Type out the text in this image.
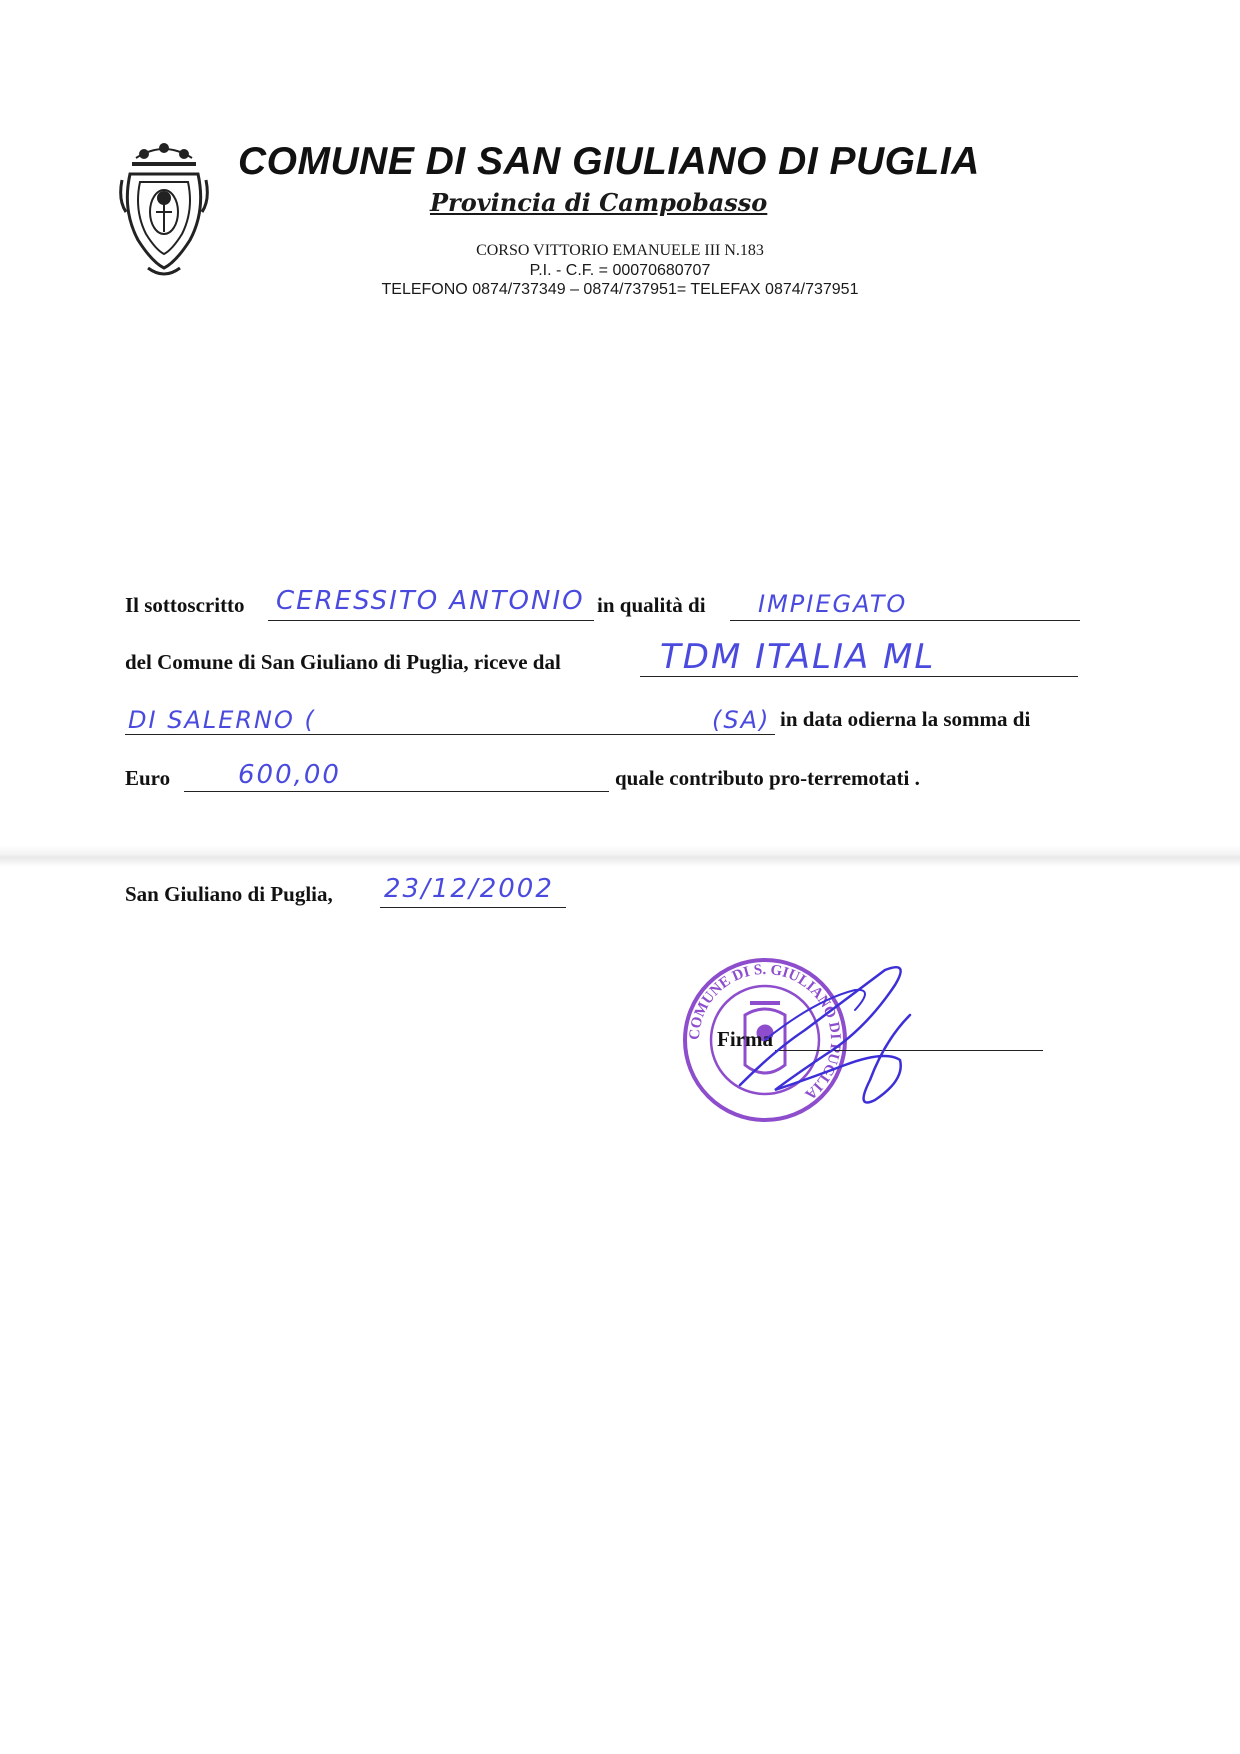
COMUNE DI SAN GIULIANO DI PUGLIA
Provincia di Campobasso
CORSO VITTORIO EMANUELE III N.183
P.I. - C.F. = 00070680707
TELEFONO 0874/737349 – 0874/737951= TELEFAX 0874/737951
Il sottoscritto CERESSITO ANTONIO in qualità di IMPIEGATO
del Comune di San Giuliano di Puglia, riceve dal	TDM ITALIA ML
DI SALERNO (	(SA) in data odierna la somma di
Euro	600,00	quale contributo pro-terremotati .
San Giuliano di Puglia, 23/12/2002
COMUNE DI S. GIULIANO DI PUGLIA
Firma
